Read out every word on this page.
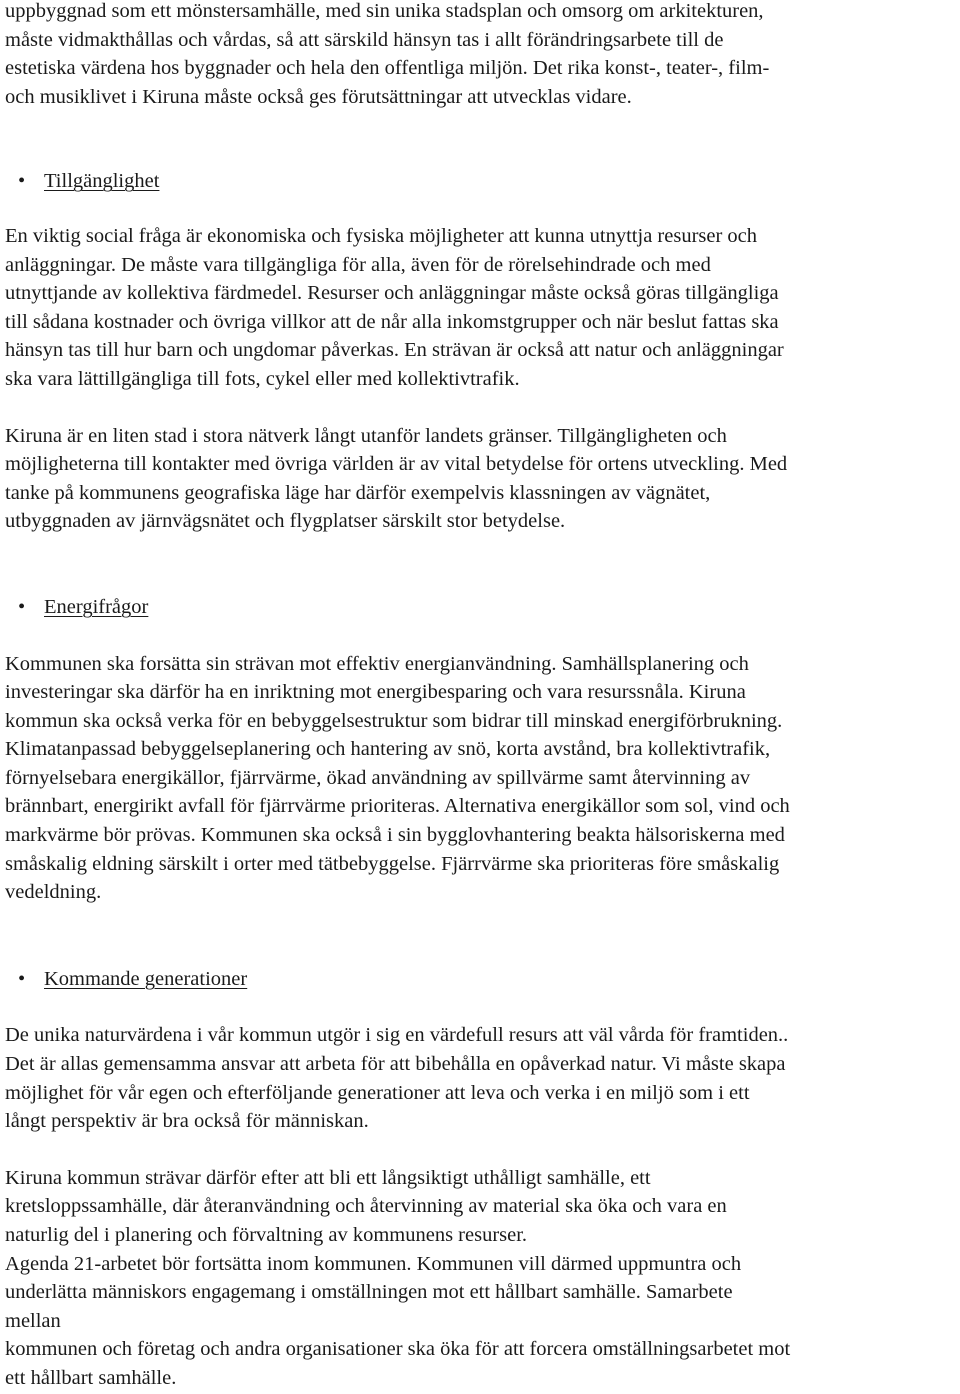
uppbyggnad som ett mönstersamhälle, med sin unika stadsplan och omsorg om arkitekturen,
måste vidmakthållas och vårdas, så att särskild hänsyn tas i allt förändringsarbete till de
estetiska värdena hos byggnader och hela den offentliga miljön. Det rika konst-, teater-, film-
och musiklivet i Kiruna måste också ges förutsättningar att utvecklas vidare.

• Tillgänglighet

En viktig social fråga är ekonomiska och fysiska möjligheter att kunna utnyttja resurser och
anläggningar. De måste vara tillgängliga för alla, även för de rörelsehindrade och med
utnyttjande av kollektiva färdmedel. Resurser och anläggningar måste också göras tillgängliga
till sådana kostnader och övriga villkor att de når alla inkomstgrupper och när beslut fattas ska
hänsyn tas till hur barn och ungdomar påverkas. En strävan är också att natur och anläggningar
ska vara lättillgängliga till fots, cykel eller med kollektivtrafik.

Kiruna är en liten stad i stora nätverk långt utanför landets gränser. Tillgängligheten och
möjligheterna till kontakter med övriga världen är av vital betydelse för ortens utveckling. Med
tanke på kommunens geografiska läge har därför exempelvis klassningen av vägnätet,
utbyggnaden av järnvägsnätet och flygplatser särskilt stor betydelse.

• Energifrågor

Kommunen ska forsätta sin strävan mot effektiv energianvändning. Samhällsplanering och
investeringar ska därför ha en inriktning mot energibesparing och vara resurssnåla. Kiruna
kommun ska också verka för en bebyggelsestruktur som bidrar till minskad energiförbrukning.
Klimatanpassad bebyggelseplanering och hantering av snö, korta avstånd, bra kollektivtrafik,
förnyelsebara energikällor, fjärrvärme, ökad användning av spillvärme samt återvinning av
brännbart, energirikt avfall för fjärrvärme prioriteras. Alternativa energikällor som sol, vind och
markvärme bör prövas. Kommunen ska också i sin bygglovhantering beakta hälsoriskerna med
småskalig eldning särskilt i orter med tätbebyggelse. Fjärrvärme ska prioriteras före småskalig
vedeldning.

• Kommande generationer

De unika naturvärdena i vår kommun utgör i sig en värdefull resurs att väl vårda för framtiden..
Det är allas gemensamma ansvar att arbeta för att bibehålla en opåverkad natur. Vi måste skapa
möjlighet för vår egen och efterföljande generationer att leva och verka i en miljö som i ett
långt perspektiv är bra också för människan.

Kiruna kommun strävar därför efter att bli ett långsiktigt uthålligt samhälle, ett
kretsloppssamhälle, där återanvändning och återvinning av material ska öka och vara en
naturlig del i planering och förvaltning av kommunens resurser.
Agenda 21-arbetet bör fortsätta inom kommunen. Kommunen vill därmed uppmuntra och
underlätta människors engagemang i omställningen mot ett hållbart samhälle. Samarbete
mellan
kommunen och företag och andra organisationer ska öka för att forcera omställningsarbetet mot
ett hållbart samhälle.
